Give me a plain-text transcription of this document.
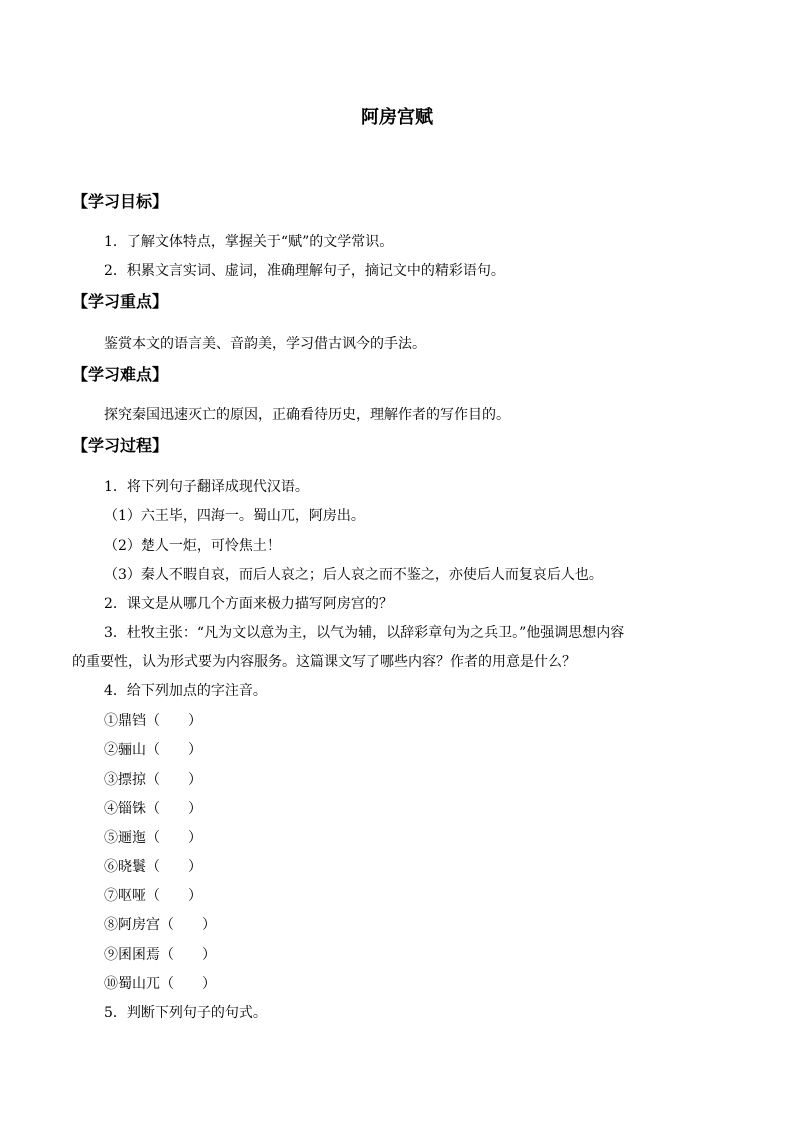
阿房宫赋
【学习目标】
1．了解文体特点，掌握关于“赋”的文学常识。
2．积累文言实词、虚词，准确理解句子，摘记文中的精彩语句。
【学习重点】
鉴赏本文的语言美、音韵美，学习借古讽今的手法。
【学习难点】
探究秦国迅速灭亡的原因，正确看待历史，理解作者的写作目的。
【学习过程】
1．将下列句子翻译成现代汉语。
（1）六王毕，四海一。蜀山兀，阿房出。
（2）楚人一炬，可怜焦土！
（3）秦人不暇自哀，而后人哀之；后人哀之而不鉴之，亦使后人而复哀后人也。
2．课文是从哪几个方面来极力描写阿房宫的？
3．杜牧主张：“凡为文以意为主，以气为辅，以辞彩章句为之兵卫。”他强调思想内容
的重要性，认为形式要为内容服务。这篇课文写了哪些内容？作者的用意是什么？
4．给下列加点的字注音。
①鼎铛（　　）
②骊山（　　）
③摽掠（　　）
④锱铢（　　）
⑤逦迤（　　）
⑥晓鬟（　　）
⑦呕哑（　　）
⑧阿房宫（　　）
⑨囷囷焉（　　）
⑩蜀山兀（　　）
5．判断下列句子的句式。
